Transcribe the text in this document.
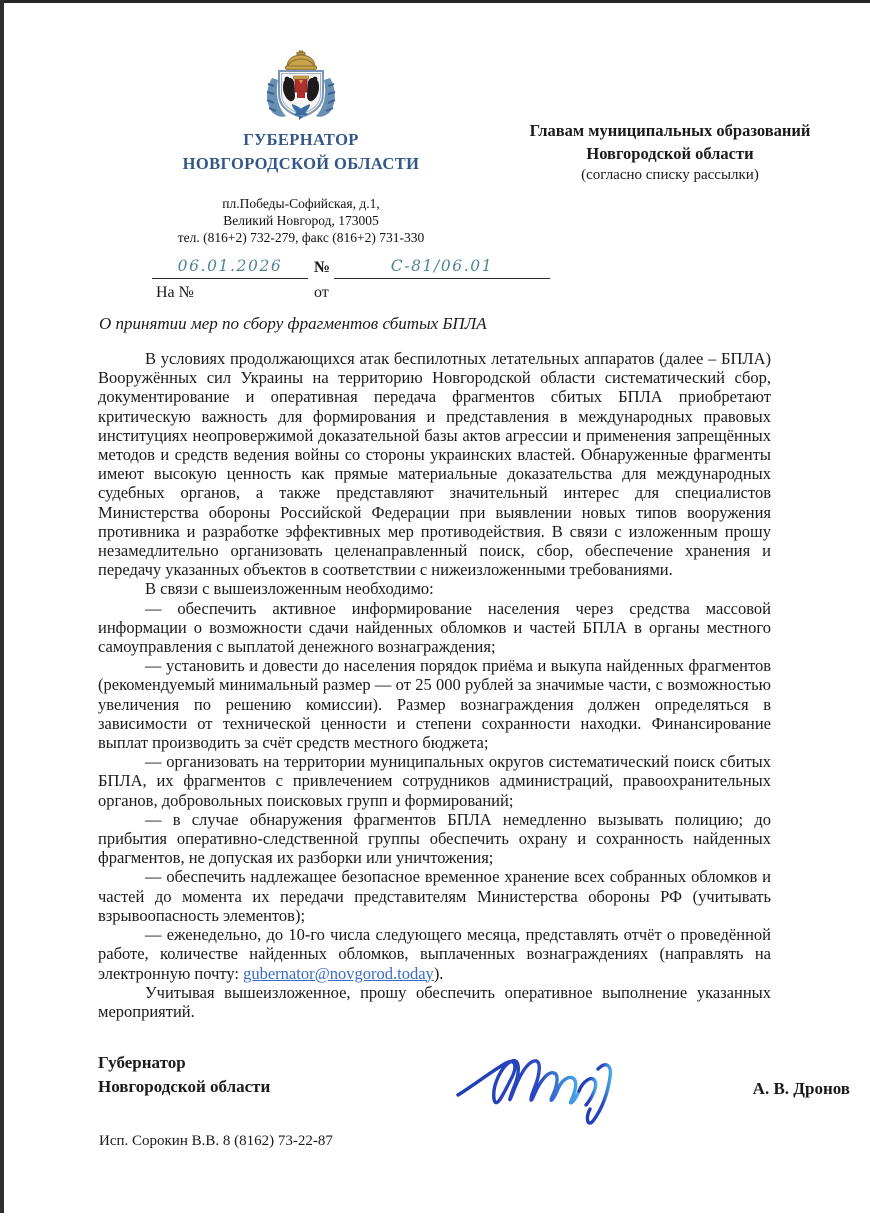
ГУБЕРНАТОР
НОВГОРОДСКОЙ ОБЛАСТИ
пл.Победы-Софийская, д.1,
Великий Новгород, 173005
тел. (816+2) 732-279, факс (816+2) 731-330
Главам муниципальных образований
Новгородской области
(согласно списку рассылки)
06.01.2026	№	С-81/06.01
На №	от
О принятии мер по сбору фрагментов сбитых БПЛА

В условиях продолжающихся атак беспилотных летательных аппаратов (далее – БПЛА) Вооружённых сил Украины на территорию Новгородской области систематический сбор, документирование и оперативная передача фрагментов сбитых БПЛА приобретают критическую важность для формирования и представления в международных правовых институциях неопровержимой доказательной базы актов агрессии и применения запрещённых методов и средств ведения войны со стороны украинских властей. Обнаруженные фрагменты имеют высокую ценность как прямые материальные доказательства для международных судебных органов, а также представляют значительный интерес для специалистов Министерства обороны Российской Федерации при выявлении новых типов вооружения противника и разработке эффективных мер противодействия. В связи с изложенным прошу незамедлительно организовать целенаправленный поиск, сбор, обеспечение хранения и передачу указанных объектов в соответствии с нижеизложенными требованиями.

В связи с вышеизложенным необходимо:

— обеспечить активное информирование населения через средства массовой информации о возможности сдачи найденных обломков и частей БПЛА в органы местного самоуправления с выплатой денежного вознаграждения;

— установить и довести до населения порядок приёма и выкупа найденных фрагментов (рекомендуемый минимальный размер — от 25 000 рублей за значимые части, с возможностью увеличения по решению комиссии). Размер вознаграждения должен определяться в зависимости от технической ценности и степени сохранности находки. Финансирование выплат производить за счёт средств местного бюджета;

— организовать на территории муниципальных округов систематический поиск сбитых БПЛА, их фрагментов с привлечением сотрудников администраций, правоохранительных органов, добровольных поисковых групп и формирований;

— в случае обнаружения фрагментов БПЛА немедленно вызывать полицию; до прибытия оперативно-следственной группы обеспечить охрану и сохранность найденных фрагментов, не допуская их разборки или уничтожения;

— обеспечить надлежащее безопасное временное хранение всех собранных обломков и частей до момента их передачи представителям Министерства обороны РФ (учитывать взрывоопасность элементов);

— еженедельно, до 10-го числа следующего месяца, представлять отчёт о проведённой работе, количестве найденных обломков, выплаченных вознаграждениях (направлять на электронную почту: gubernator@novgorod.today).

Учитывая вышеизложенное, прошу обеспечить оперативное выполнение указанных мероприятий.

Губернатор
Новгородской области	А. В. Дронов
Исп. Сорокин В.В. 8 (8162) 73-22-87
